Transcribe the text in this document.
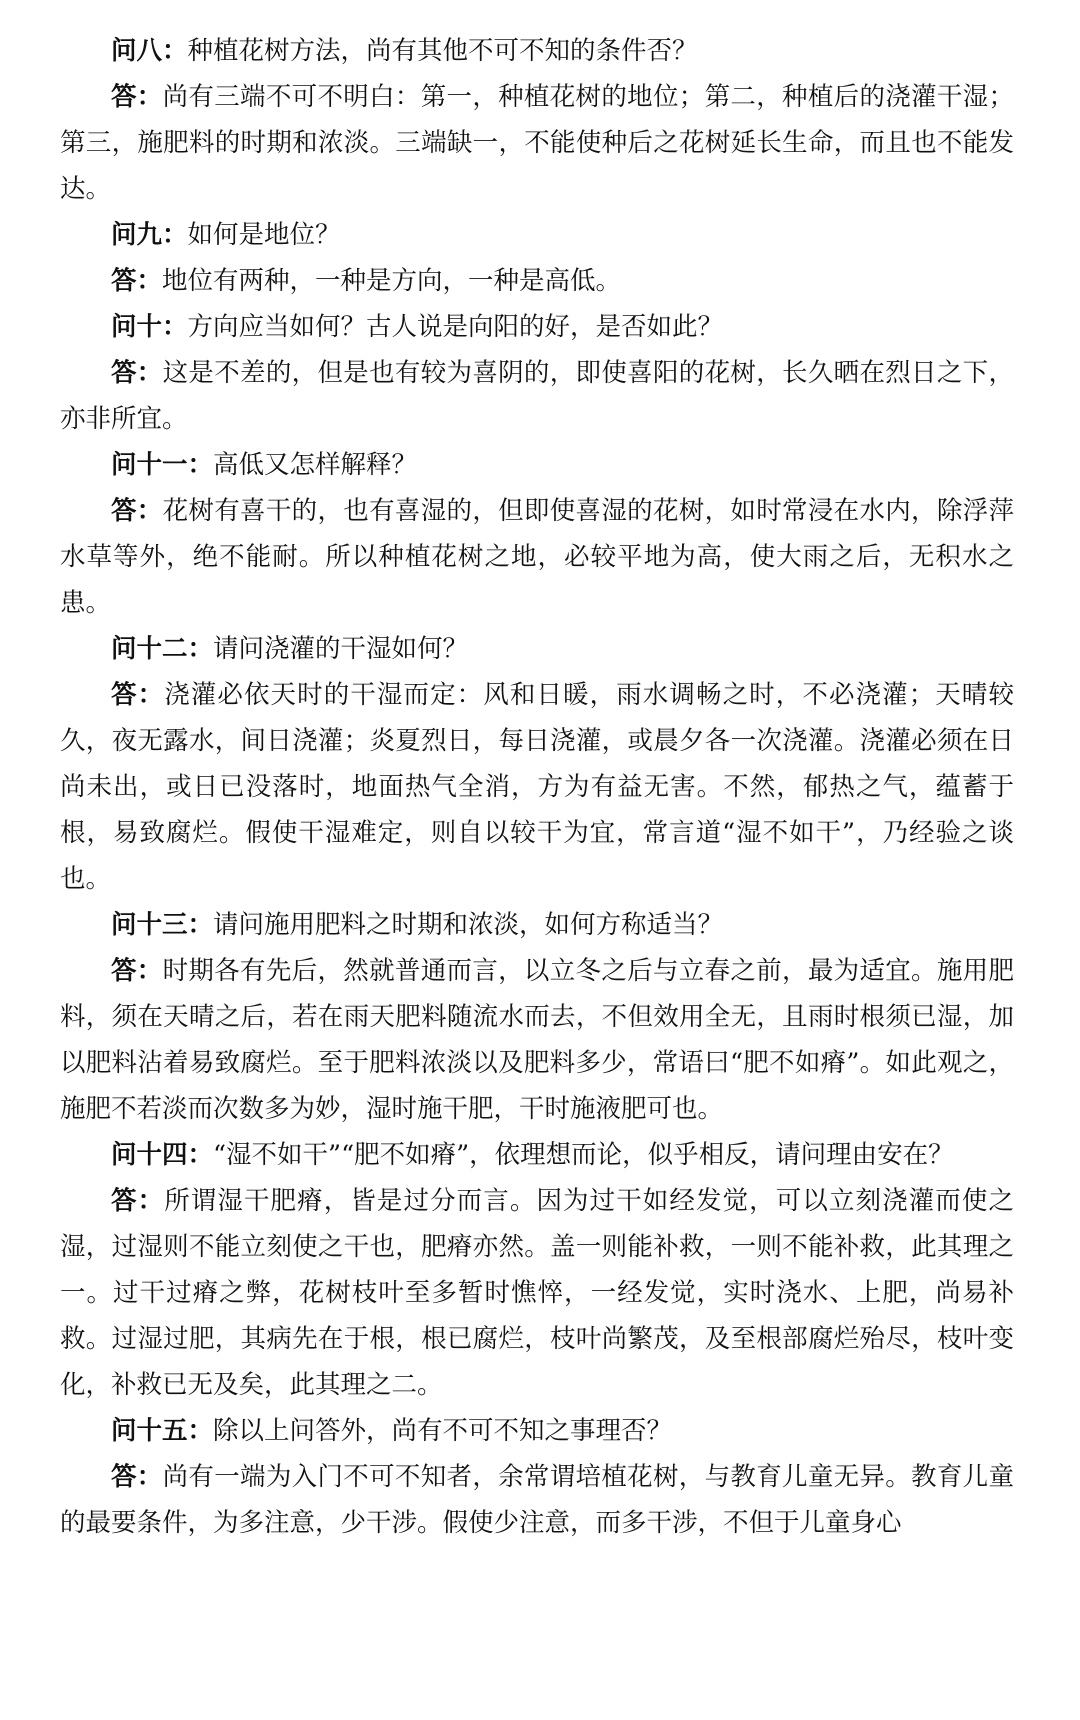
问八：种植花树方法，尚有其他不可不知的条件否？

答：尚有三端不可不明白：第一，种植花树的地位；第二，种植后的浇灌干湿；第三，施肥料的时期和浓淡。三端缺一，不能使种后之花树延长生命，而且也不能发达。

问九：如何是地位？

答：地位有两种，一种是方向，一种是高低。

问十：方向应当如何？古人说是向阳的好，是否如此？

答：这是不差的，但是也有较为喜阴的，即使喜阳的花树，长久晒在烈日之下，亦非所宜。

问十一：高低又怎样解释？

答：花树有喜干的，也有喜湿的，但即使喜湿的花树，如时常浸在水内，除浮萍水草等外，绝不能耐。所以种植花树之地，必较平地为高，使大雨之后，无积水之患。

问十二：请问浇灌的干湿如何？

答：浇灌必依天时的干湿而定：风和日暖，雨水调畅之时，不必浇灌；天晴较久，夜无露水，间日浇灌；炎夏烈日，每日浇灌，或晨夕各一次浇灌。浇灌必须在日尚未出，或日已没落时，地面热气全消，方为有益无害。不然，郁热之气，蕴蓄于根，易致腐烂。假使干湿难定，则自以较干为宜，常言道“湿不如干”，乃经验之谈也。

问十三：请问施用肥料之时期和浓淡，如何方称适当？

答：时期各有先后，然就普通而言，以立冬之后与立春之前，最为适宜。施用肥料，须在天晴之后，若在雨天肥料随流水而去，不但效用全无，且雨时根须已湿，加以肥料沾着易致腐烂。至于肥料浓淡以及肥料多少，常语曰“肥不如瘠”。如此观之，施肥不若淡而次数多为妙，湿时施干肥，干时施液肥可也。

问十四：“湿不如干”“肥不如瘠”，依理想而论，似乎相反，请问理由安在？

答：所谓湿干肥瘠，皆是过分而言。因为过干如经发觉，可以立刻浇灌而使之湿，过湿则不能立刻使之干也，肥瘠亦然。盖一则能补救，一则不能补救，此其理之一。过干过瘠之弊，花树枝叶至多暂时憔悴，一经发觉，实时浇水、上肥，尚易补救。过湿过肥，其病先在于根，根已腐烂，枝叶尚繁茂，及至根部腐烂殆尽，枝叶变化，补救已无及矣，此其理之二。

问十五：除以上问答外，尚有不可不知之事理否？

答：尚有一端为入门不可不知者，余常谓培植花树，与教育儿童无异。教育儿童的最要条件，为多注意，少干涉。假使少注意，而多干涉，不但于儿童身心
